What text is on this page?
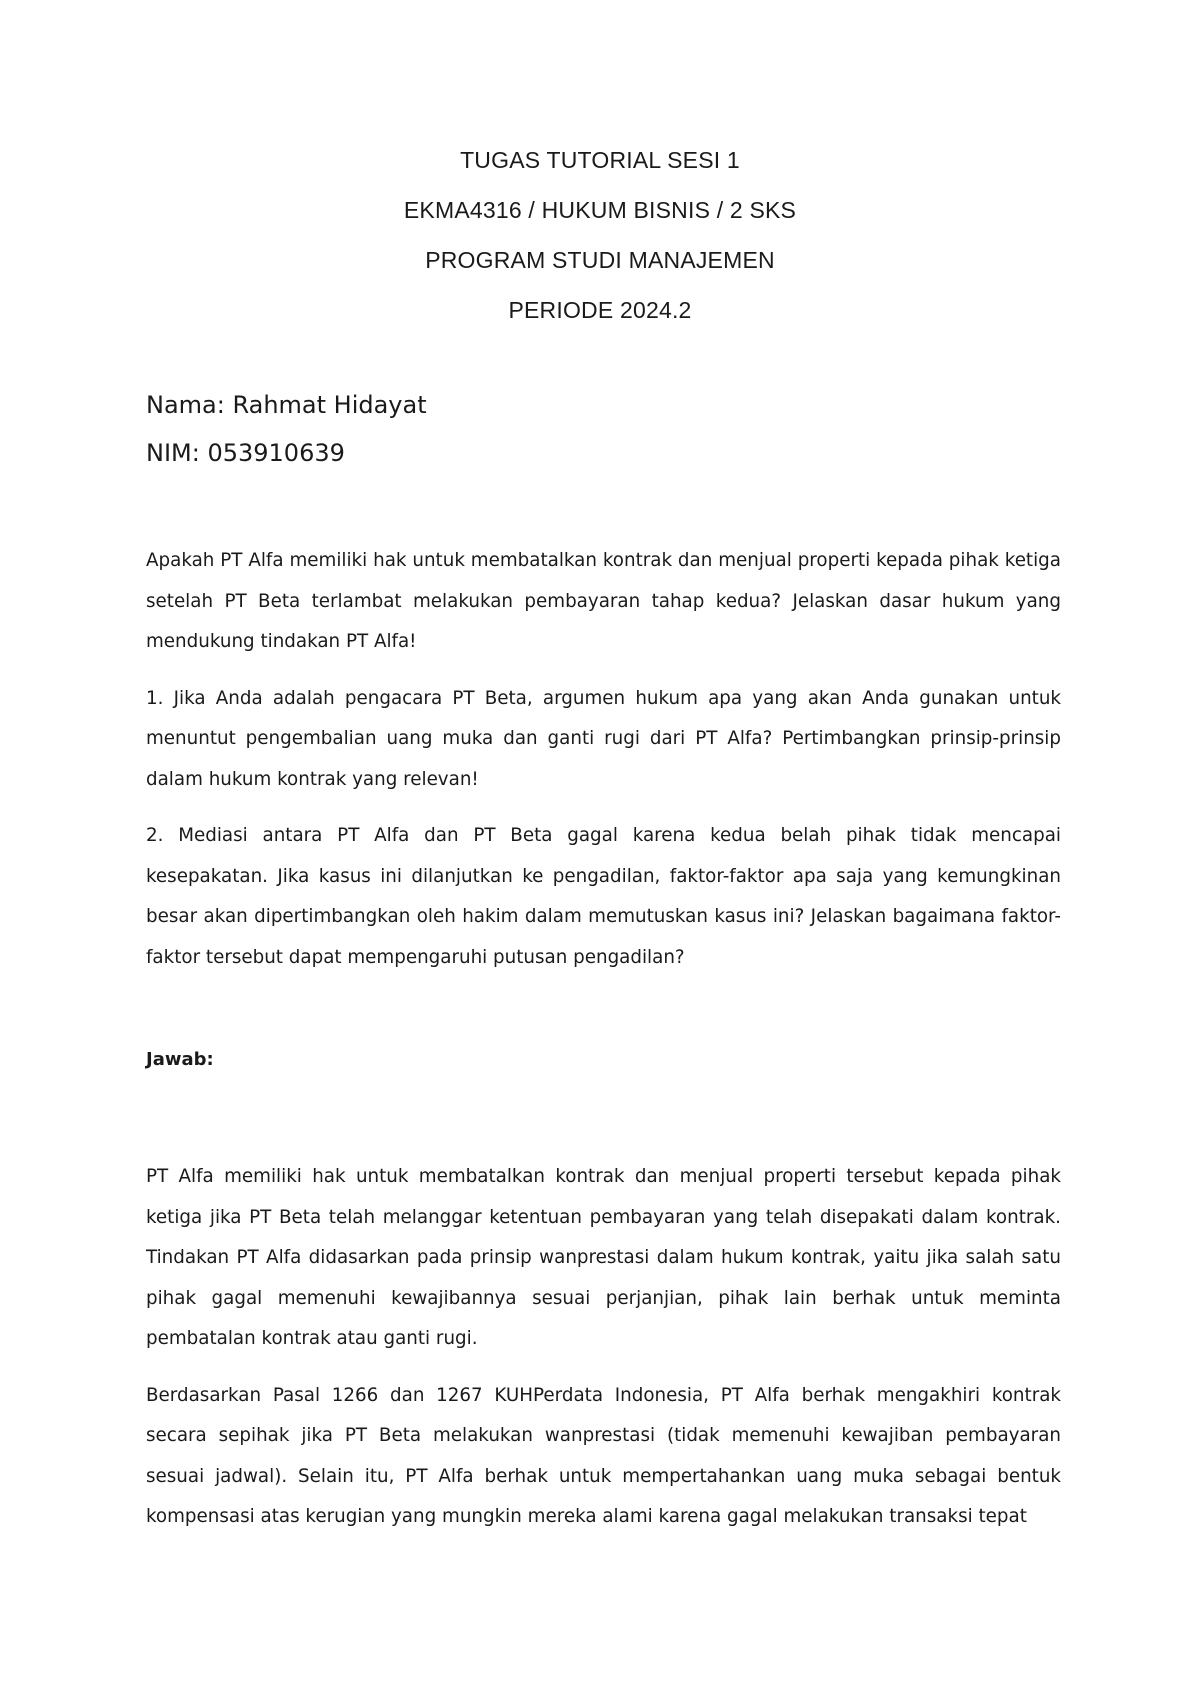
TUGAS TUTORIAL SESI 1
EKMA4316 / HUKUM BISNIS / 2 SKS
PROGRAM STUDI MANAJEMEN
PERIODE 2024.2
Nama: Rahmat Hidayat
NIM: 053910639

Apakah PT Alfa memiliki hak untuk membatalkan kontrak dan menjual properti kepada pihak ketiga setelah PT Beta terlambat melakukan pembayaran tahap kedua? Jelaskan dasar hukum yang mendukung tindakan PT Alfa!

1. Jika Anda adalah pengacara PT Beta, argumen hukum apa yang akan Anda gunakan untuk menuntut pengembalian uang muka dan ganti rugi dari PT Alfa? Pertimbangkan prinsip-prinsip dalam hukum kontrak yang relevan!

2. Mediasi antara PT Alfa dan PT Beta gagal karena kedua belah pihak tidak mencapai kesepakatan. Jika kasus ini dilanjutkan ke pengadilan, faktor-faktor apa saja yang kemungkinan besar akan dipertimbangkan oleh hakim dalam memutuskan kasus ini? Jelaskan bagaimana faktor-faktor tersebut dapat mempengaruhi putusan pengadilan?

Jawab:

PT Alfa memiliki hak untuk membatalkan kontrak dan menjual properti tersebut kepada pihak ketiga jika PT Beta telah melanggar ketentuan pembayaran yang telah disepakati dalam kontrak. Tindakan PT Alfa didasarkan pada prinsip wanprestasi dalam hukum kontrak, yaitu jika salah satu pihak gagal memenuhi kewajibannya sesuai perjanjian, pihak lain berhak untuk meminta pembatalan kontrak atau ganti rugi.

Berdasarkan Pasal 1266 dan 1267 KUHPerdata Indonesia, PT Alfa berhak mengakhiri kontrak secara sepihak jika PT Beta melakukan wanprestasi (tidak memenuhi kewajiban pembayaran sesuai jadwal). Selain itu, PT Alfa berhak untuk mempertahankan uang muka sebagai bentuk kompensasi atas kerugian yang mungkin mereka alami karena gagal melakukan transaksi tepat
